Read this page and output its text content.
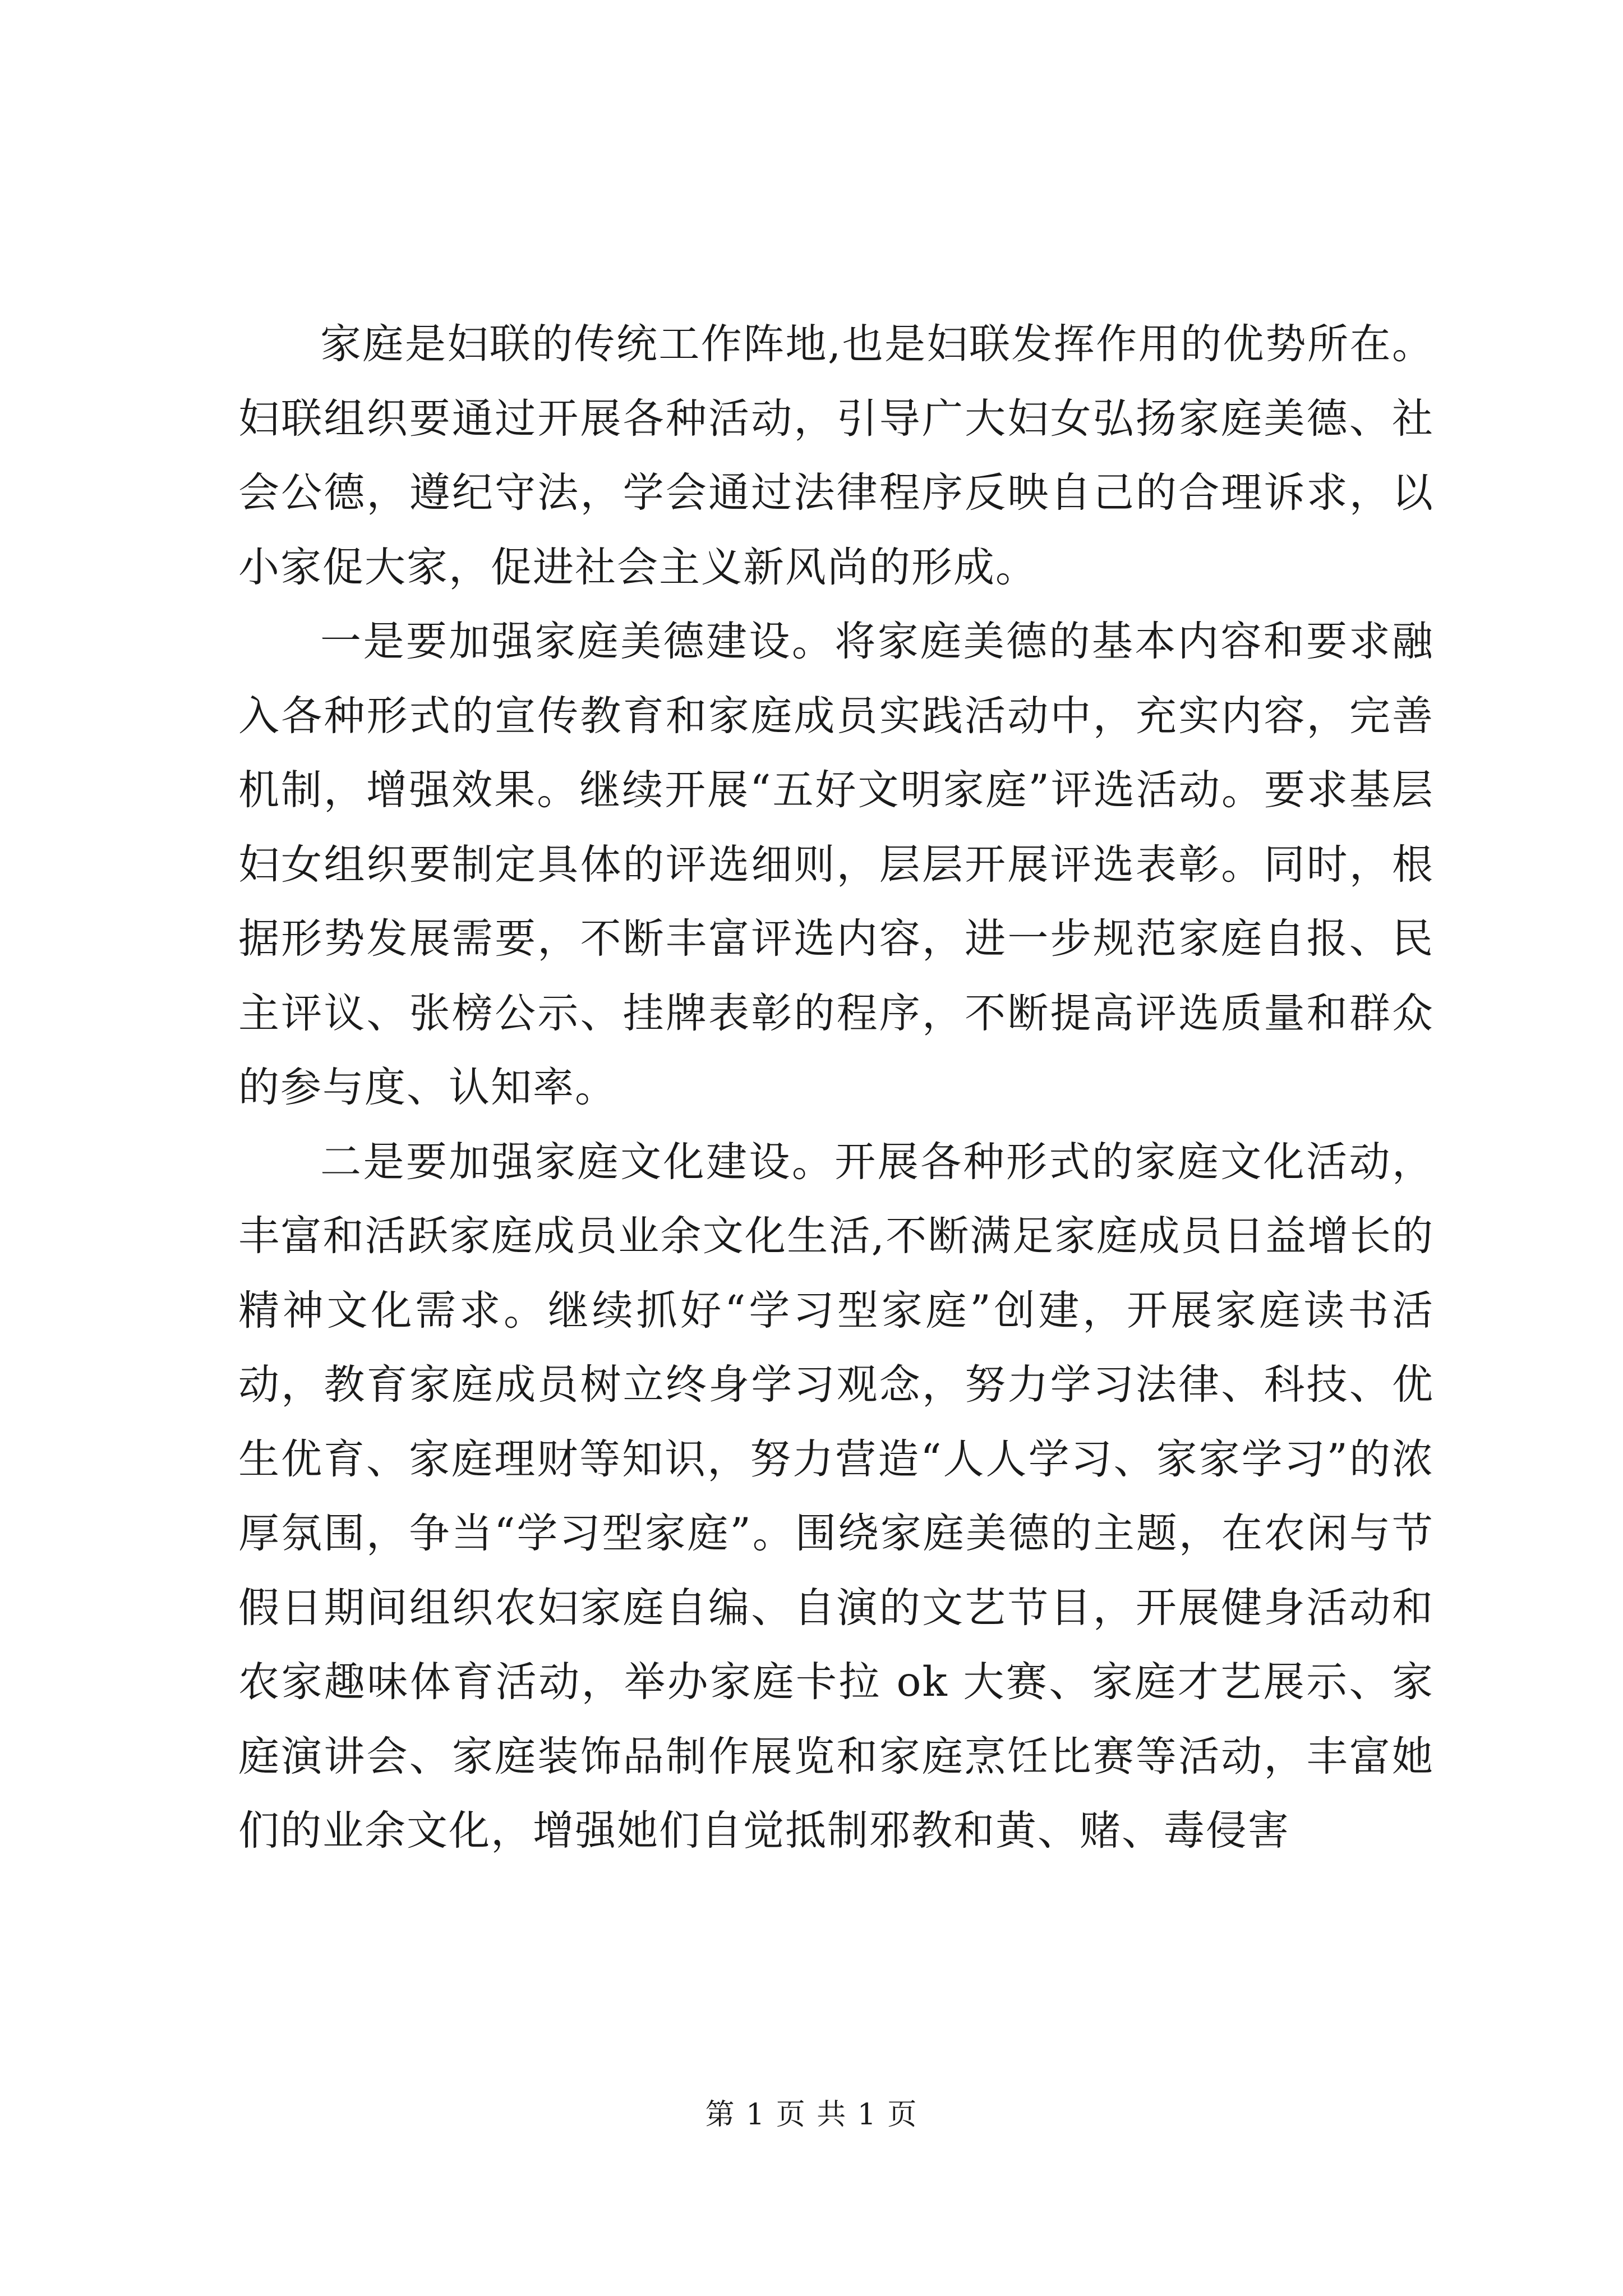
家庭是妇联的传统工作阵地,也是妇联发挥作用的优势所在。妇联组织要通过开展各种活动，引导广大妇女弘扬家庭美德、社会公德，遵纪守法，学会通过法律程序反映自己的合理诉求，以小家促大家，促进社会主义新风尚的形成。

一是要加强家庭美德建设。将家庭美德的基本内容和要求融入各种形式的宣传教育和家庭成员实践活动中，充实内容，完善机制，增强效果。继续开展“五好文明家庭”评选活动。要求基层妇女组织要制定具体的评选细则，层层开展评选表彰。同时，根据形势发展需要，不断丰富评选内容，进一步规范家庭自报、民主评议、张榜公示、挂牌表彰的程序，不断提高评选质量和群众的参与度、认知率。

二是要加强家庭文化建设。开展各种形式的家庭文化活动，丰富和活跃家庭成员业余文化生活,不断满足家庭成员日益增长的精神文化需求。继续抓好“学习型家庭”创建，开展家庭读书活动，教育家庭成员树立终身学习观念，努力学习法律、科技、优生优育、家庭理财等知识，努力营造“人人学习、家家学习”的浓厚氛围，争当“学习型家庭”。围绕家庭美德的主题，在农闲与节假日期间组织农妇家庭自编、自演的文艺节目，开展健身活动和农家趣味体育活动，举办家庭卡拉 ok 大赛、家庭才艺展示、家庭演讲会、家庭装饰品制作展览和家庭烹饪比赛等活动，丰富她们的业余文化，增强她们自觉抵制邪教和黄、赌、毒侵害

第 1 页 共 1 页
